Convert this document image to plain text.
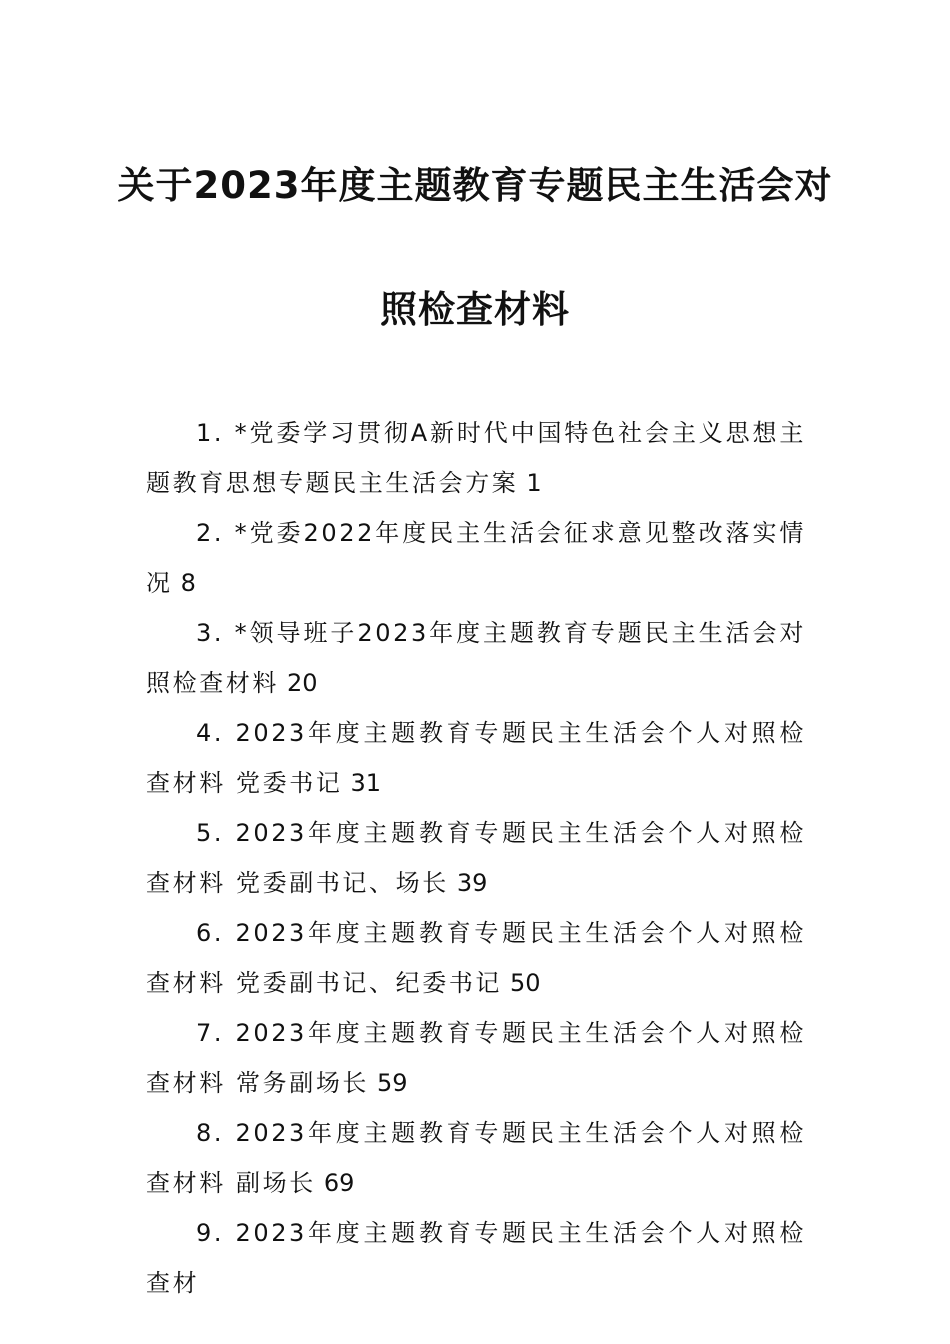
关于2023年度主题教育专题民主生活会对
照检查材料
1. *党委学习贯彻A新时代中国特色社会主义思想主题教育思想专题民主生活会方案 1
2. *党委2022年度民主生活会征求意见整改落实情况 8
3. *领导班子2023年度主题教育专题民主生活会对照检查材料 20
4. 2023年度主题教育专题民主生活会个人对照检查材料 党委书记 31
5. 2023年度主题教育专题民主生活会个人对照检查材料 党委副书记、场长 39
6. 2023年度主题教育专题民主生活会个人对照检查材料 党委副书记、纪委书记 50
7. 2023年度主题教育专题民主生活会个人对照检查材料 常务副场长 59
8. 2023年度主题教育专题民主生活会个人对照检查材料 副场长 69
9. 2023年度主题教育专题民主生活会个人对照检查材
